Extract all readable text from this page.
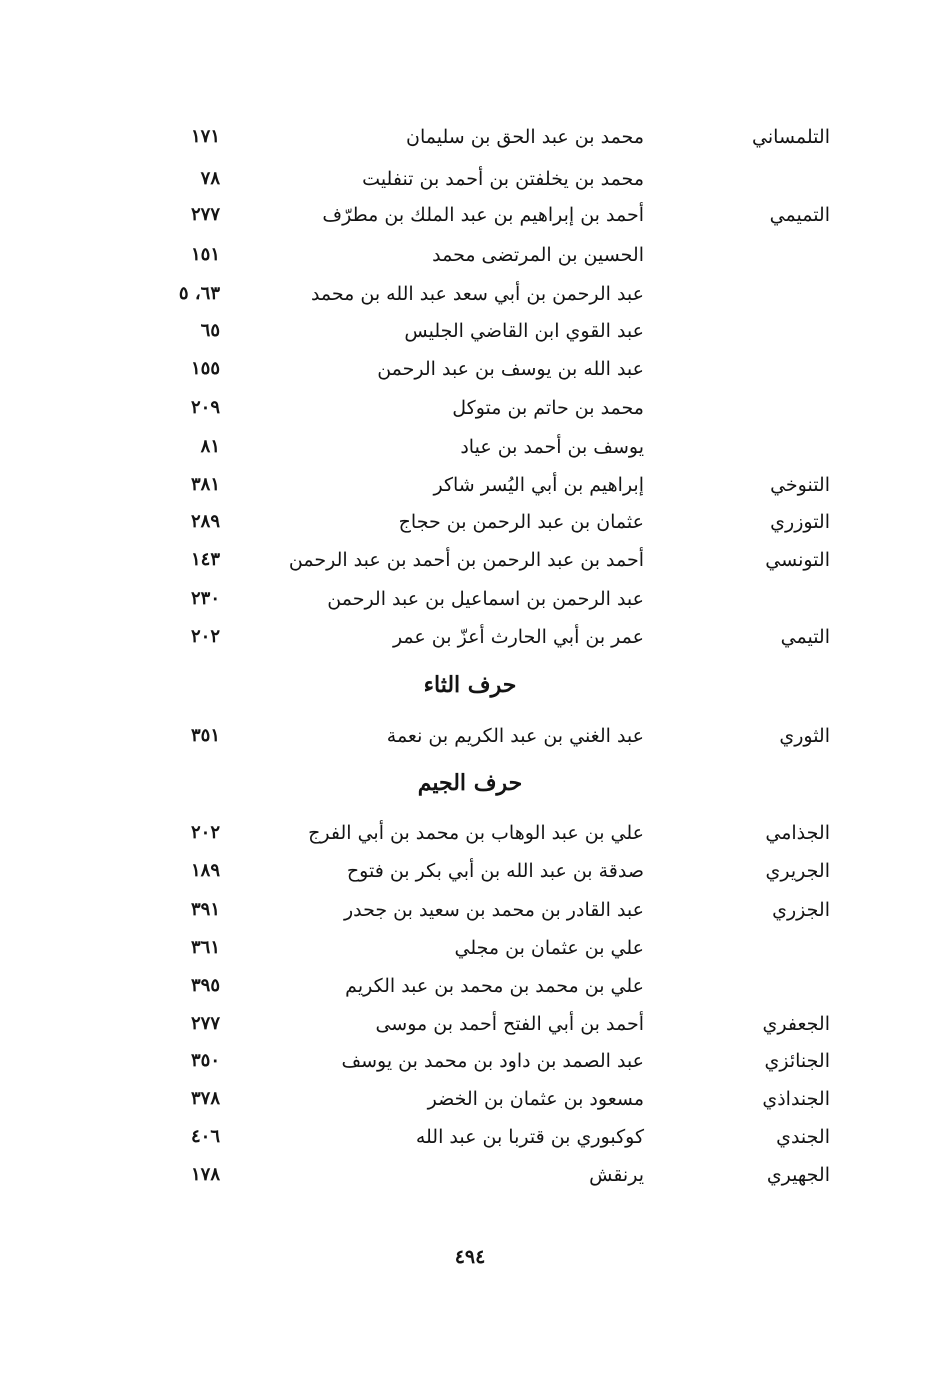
التلمساني
محمد بن عبد الحق بن سليمان
١٧١
محمد بن يخلفتن بن أحمد بن تنفليت
٧٨
التميمي
أحمد بن إبراهيم بن عبد الملك بن مطرّف
٢٧٧
الحسين بن المرتضى محمد
١٥١
عبد الرحمن بن أبي سعد عبد الله بن محمد
٦٣، ٥
عبد القوي ابن القاضي الجليس
٦٥
عبد الله بن يوسف بن عبد الرحمن
١٥٥
محمد بن حاتم بن متوكل
٢٠٩
يوسف بن أحمد بن عياد
٨١
التنوخي
إبراهيم بن أبي اليُسر شاكر
٣٨١
التوزري
عثمان بن عبد الرحمن بن حجاج
٢٨٩
التونسي
أحمد بن عبد الرحمن بن أحمد بن عبد الرحمن
١٤٣
عبد الرحمن بن اسماعيل بن عبد الرحمن
٢٣٠
التيمي
عمر بن أبي الحارث أعزّ بن عمر
٢٠٢
حرف الثاء
الثوري
عبد الغني بن عبد الكريم بن نعمة
٣٥١
حرف الجيم
الجذامي
علي بن عبد الوهاب بن محمد بن أبي الفرج
٢٠٢
الجريري
صدقة بن عبد الله بن أبي بكر بن فتوح
١٨٩
الجزري
عبد القادر بن محمد بن سعيد بن جحدر
٣٩١
علي بن عثمان بن مجلي
٣٦١
علي بن محمد بن محمد بن عبد الكريم
٣٩٥
الجعفري
أحمد بن أبي الفتح أحمد بن موسى
٢٧٧
الجنائزي
عبد الصمد بن داود بن محمد بن يوسف
٣٥٠
الجنداذي
مسعود بن عثمان بن الخضر
٣٧٨
الجندي
كوكبوري بن قتربا بن عبد الله
٤٠٦
الجهيري
يرنقش
١٧٨
٤٩٤
